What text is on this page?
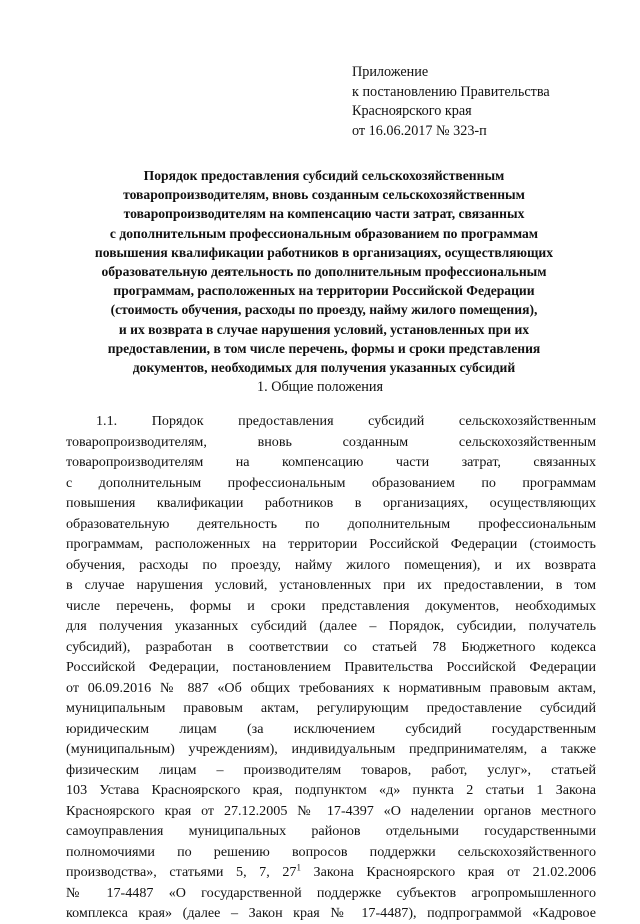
Приложение
к постановлению Правительства
Красноярского края
от 16.06.2017 № 323-п
Порядок предоставления субсидий сельскохозяйственным
товаропроизводителям, вновь созданным сельскохозяйственным
товаропроизводителям на компенсацию части затрат, связанных
с дополнительным профессиональным образованием по программам
повышения квалификации работников в организациях, осуществляющих
образовательную деятельность по дополнительным профессиональным
программам, расположенных на территории Российской Федерации
(стоимость обучения, расходы по проезду, найму жилого помещения),
и их возврата в случае нарушения условий, установленных при их
предоставлении, в том числе перечень, формы и сроки представления
документов, необходимых для получения указанных субсидий
1. Общие положения
1.1. Порядок предоставления субсидий сельскохозяйственным
товаропроизводителям, вновь созданным сельскохозяйственным
товаропроизводителям на компенсацию части затрат, связанных
с дополнительным профессиональным образованием по программам
повышения квалификации работников в организациях, осуществляющих
образовательную деятельность по дополнительным профессиональным
программам, расположенных на территории Российской Федерации (стоимость
обучения, расходы по проезду, найму жилого помещения), и их возврата
в случае нарушения условий, установленных при их предоставлении, в том
числе перечень, формы и сроки представления документов, необходимых
для получения указанных субсидий (далее – Порядок, субсидии, получатель
субсидий), разработан в соответствии со статьей 78 Бюджетного кодекса
Российской Федерации, постановлением Правительства Российской Федерации
от 06.09.2016 № 887 «Об общих требованиях к нормативным правовым актам,
муниципальным правовым актам, регулирующим предоставление субсидий
юридическим лицам (за исключением субсидий государственным
(муниципальным) учреждениям), индивидуальным предпринимателям, а также
физическим лицам – производителям товаров, работ, услуг», статьей
103 Устава Красноярского края, подпунктом «д» пункта 2 статьи 1 Закона
Красноярского края от 27.12.2005 № 17-4397 «О наделении органов местного
самоуправления муниципальных районов отдельными государственными
полномочиями по решению вопросов поддержки сельскохозяйственного
производства», статьями 5, 7, $27^1$ Закона Красноярского края от 21.02.2006
№ 17-4487 «О государственной поддержке субъектов агропромышленного
комплекса края» (далее – Закон края № 17-4487), подпрограммой «Кадровое
